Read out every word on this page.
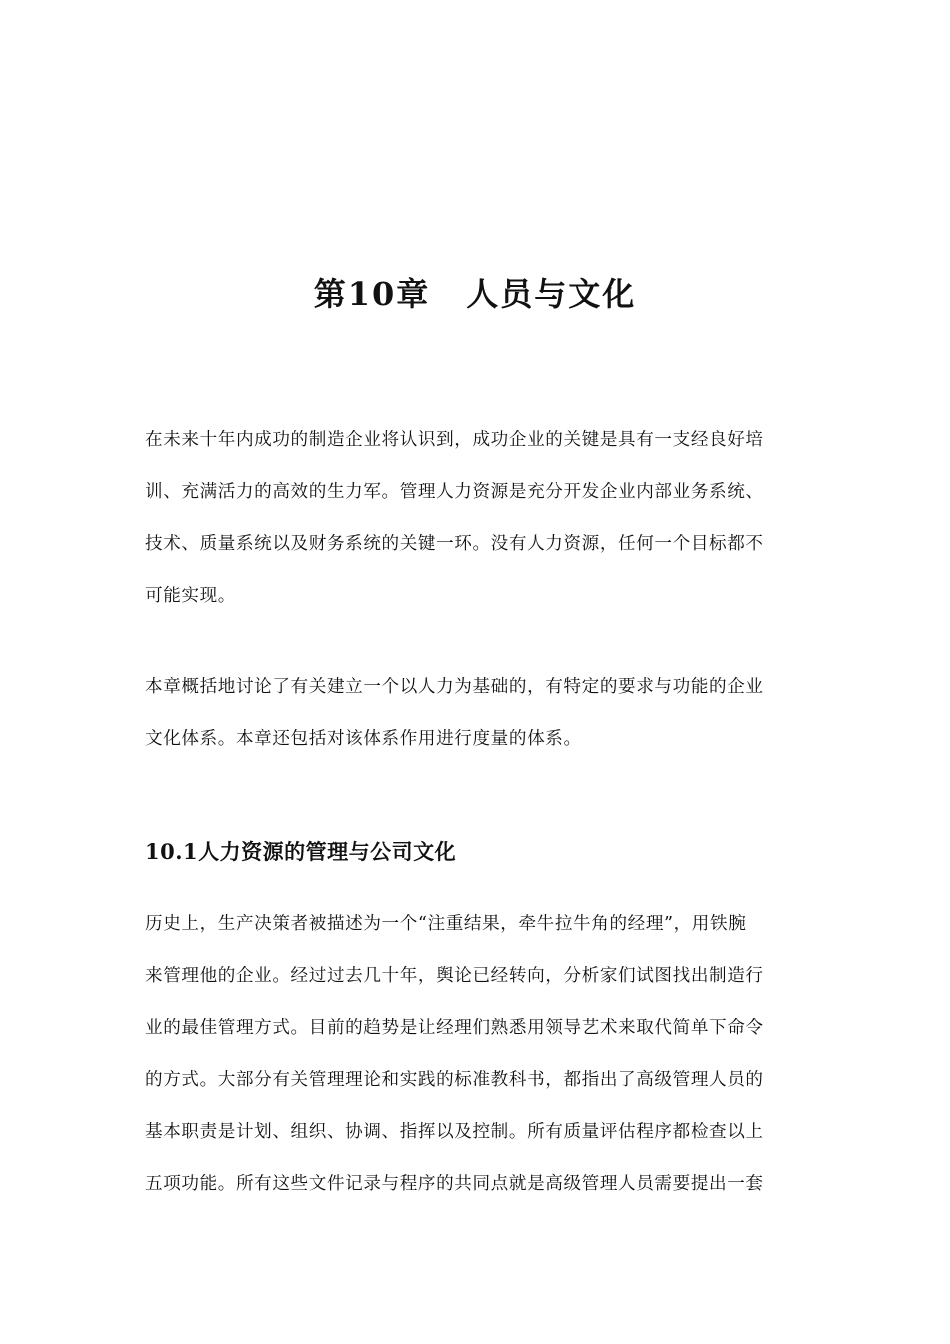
第10章 人员与文化
在未来十年内成功的制造企业将认识到，成功企业的关键是具有一支经良好培
训、充满活力的高效的生力军。管理人力资源是充分开发企业内部业务系统、
技术、质量系统以及财务系统的关键一环。没有人力资源，任何一个目标都不
可能实现。
本章概括地讨论了有关建立一个以人力为基础的，有特定的要求与功能的企业
文化体系。本章还包括对该体系作用进行度量的体系。
10.1人力资源的管理与公司文化
历史上，生产决策者被描述为一个“注重结果，牵牛拉牛角的经理”，用铁腕
来管理他的企业。经过过去几十年，舆论已经转向，分析家们试图找出制造行
业的最佳管理方式。目前的趋势是让经理们熟悉用领导艺术来取代简单下命令
的方式。大部分有关管理理论和实践的标准教科书，都指出了高级管理人员的
基本职责是计划、组织、协调、指挥以及控制。所有质量评估程序都检查以上
五项功能。所有这些文件记录与程序的共同点就是高级管理人员需要提出一套
